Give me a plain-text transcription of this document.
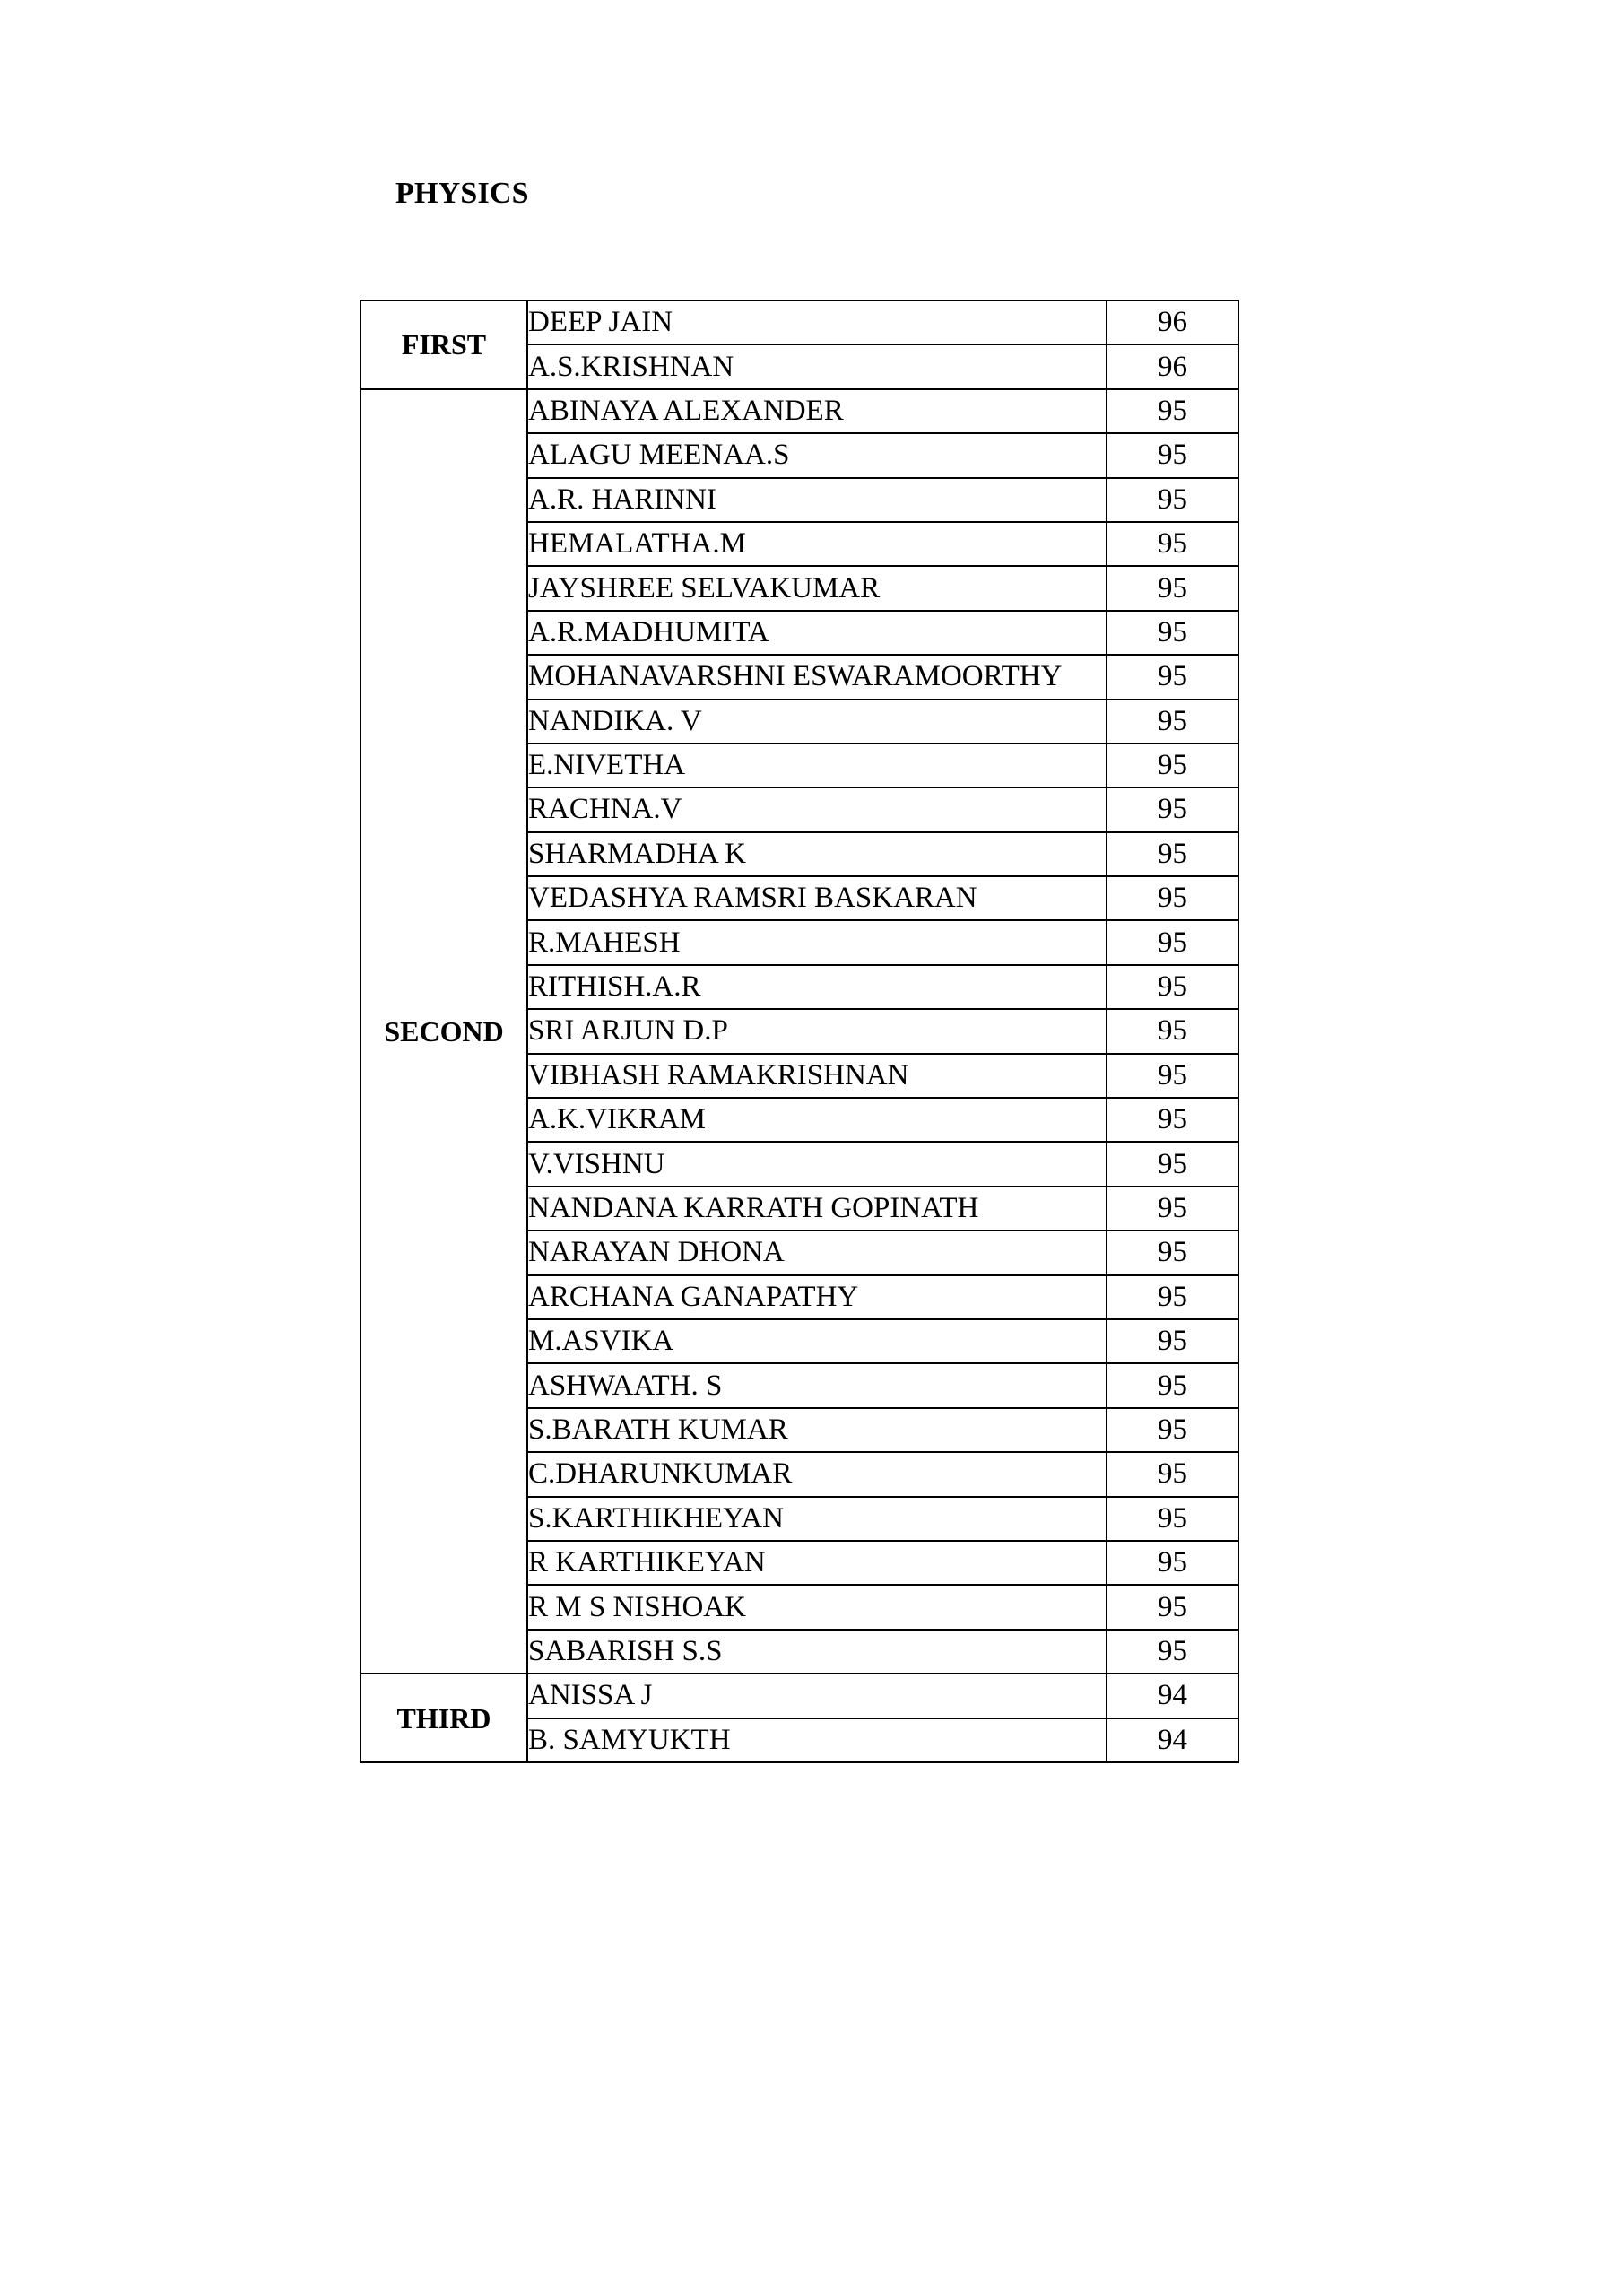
PHYSICS
FIRST	DEEP JAIN	96
	A.S.KRISHNAN	96
SECOND	ABINAYA ALEXANDER	95
	ALAGU MEENAA.S	95
	A.R. HARINNI	95
	HEMALATHA.M	95
	JAYSHREE SELVAKUMAR	95
	A.R.MADHUMITA	95
	MOHANAVARSHNI ESWARAMOORTHY	95
	NANDIKA. V	95
	E.NIVETHA	95
	RACHNA.V	95
	SHARMADHA K	95
	VEDASHYA RAMSRI BASKARAN	95
	R.MAHESH	95
	RITHISH.A.R	95
	SRI ARJUN D.P	95
	VIBHASH RAMAKRISHNAN	95
	A.K.VIKRAM	95
	V.VISHNU	95
	NANDANA KARRATH GOPINATH	95
	NARAYAN DHONA	95
	ARCHANA GANAPATHY	95
	M.ASVIKA	95
	ASHWAATH. S	95
	S.BARATH KUMAR	95
	C.DHARUNKUMAR	95
	S.KARTHIKHEYAN	95
	R KARTHIKEYAN	95
	R M S NISHOAK	95
	SABARISH S.S	95
THIRD	ANISSA J	94
	B. SAMYUKTH	94
